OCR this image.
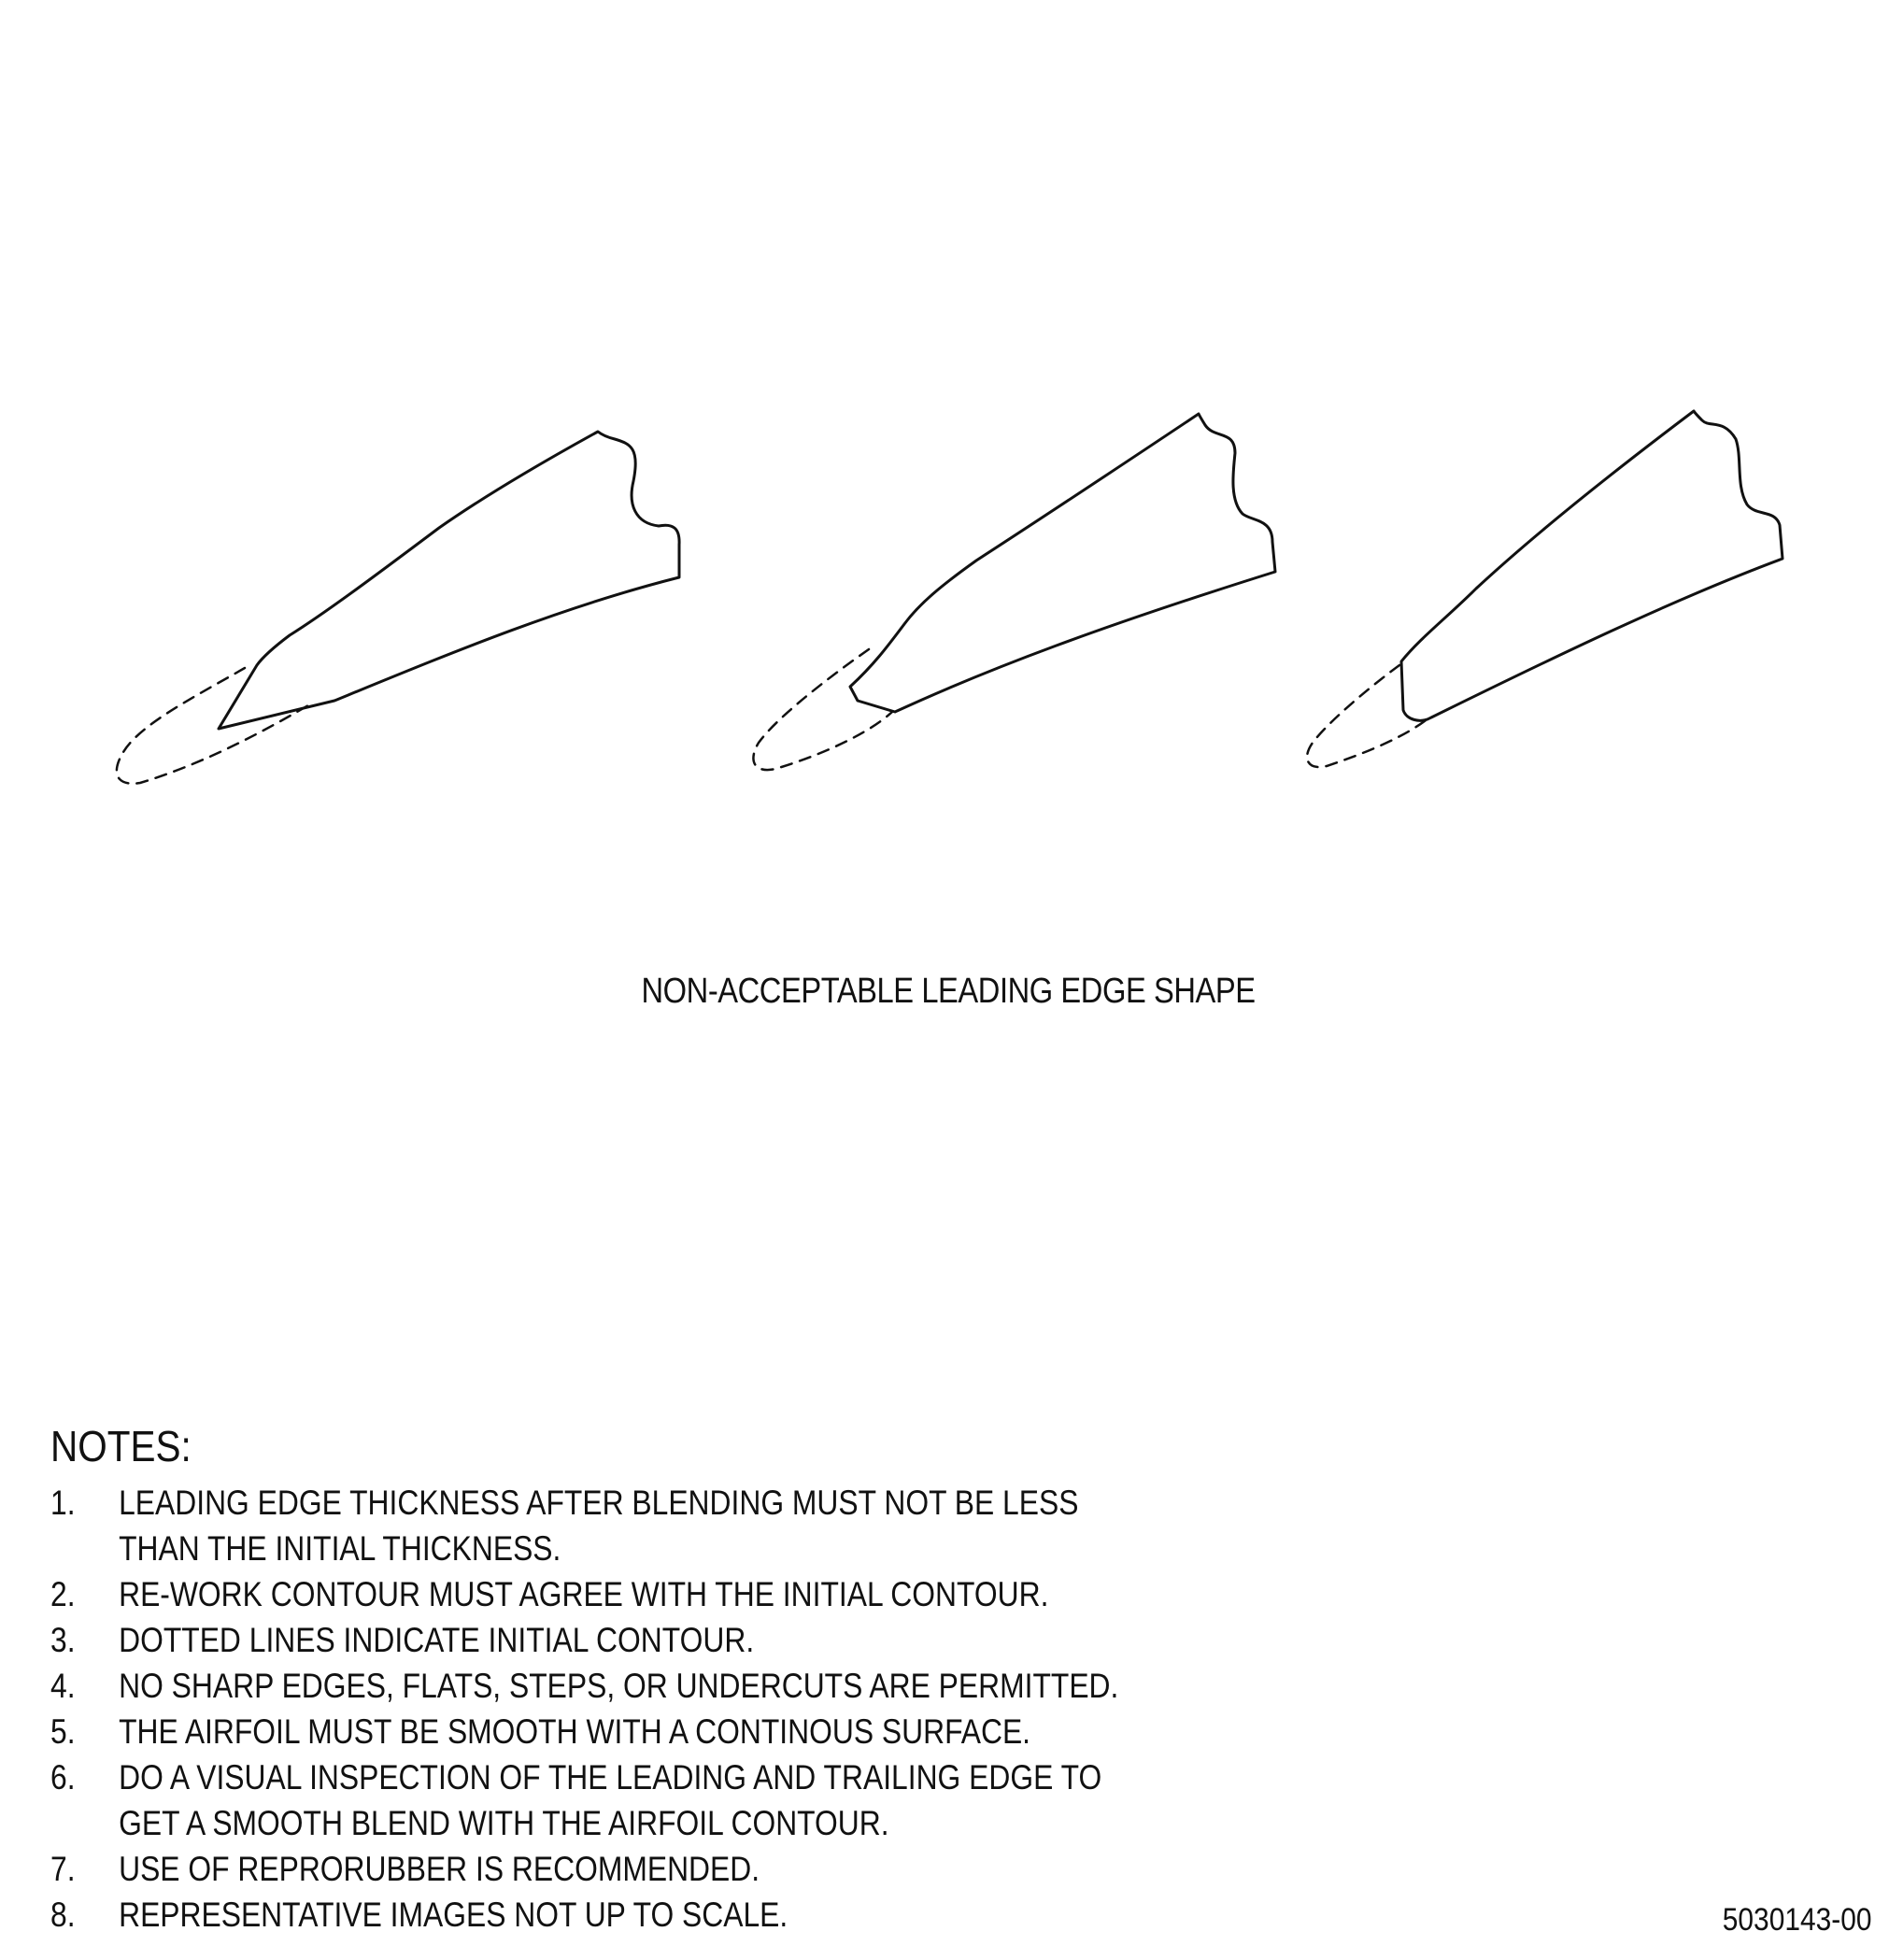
NON-ACCEPTABLE LEADING EDGE SHAPE
NOTES:
1.	LEADING EDGE THICKNESS AFTER BLENDING MUST NOT BE LESS
THAN THE INITIAL THICKNESS.
2.	RE-WORK CONTOUR MUST AGREE WITH THE INITIAL CONTOUR.
3.	DOTTED LINES INDICATE INITIAL CONTOUR.
4.	NO SHARP EDGES, FLATS, STEPS, OR UNDERCUTS ARE PERMITTED.
5.	THE AIRFOIL MUST BE SMOOTH WITH A CONTINOUS SURFACE.
6.	DO A VISUAL INSPECTION OF THE LEADING AND TRAILING EDGE TO
GET A SMOOTH BLEND WITH THE AIRFOIL CONTOUR.
7.	USE OF REPRORUBBER IS RECOMMENDED.
8.	REPRESENTATIVE IMAGES NOT UP TO SCALE.	5030143-00
